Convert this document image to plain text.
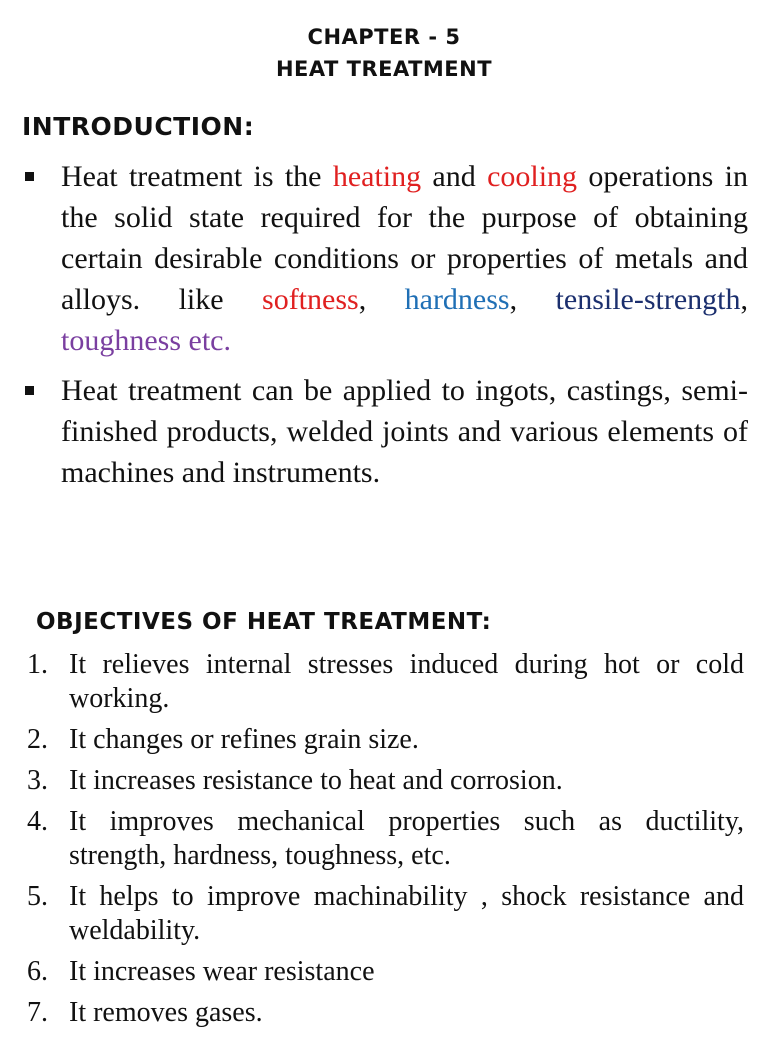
CHAPTER - 5
HEAT TREATMENT
INTRODUCTION:
Heat treatment is the heating and cooling operations in the solid state required for the purpose of obtaining certain desirable conditions or properties of metals and alloys. like softness, hardness, tensile-strength, toughness etc.
Heat treatment can be applied to ingots, castings, semi-finished products, welded joints and various elements of machines and instruments.
OBJECTIVES OF HEAT TREATMENT:
1. It relieves internal stresses induced during hot or cold working.
2. It changes or refines grain size.
3. It increases resistance to heat and corrosion.
4. It improves mechanical properties such as ductility, strength, hardness, toughness, etc.
5. It helps to improve machinability , shock resistance and weldability.
6. It increases wear resistance
7. It removes gases.
